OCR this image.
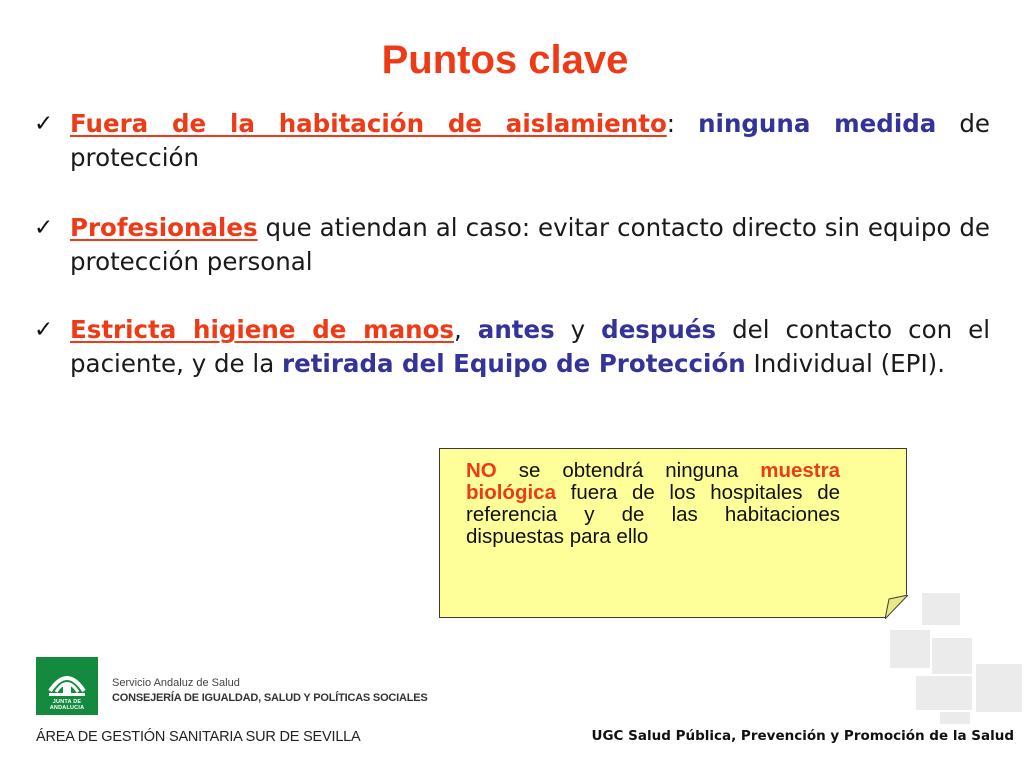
Puntos clave
✓ Fuera de la habitación de aislamiento: ninguna medida de protección
✓ Profesionales que atiendan al caso: evitar contacto directo sin equipo de protección personal
✓ Estricta higiene de manos, antes y después del contacto con el paciente, y de la retirada del Equipo de Protección Individual (EPI).
NO se obtendrá ninguna muestra biológica fuera de los hospitales de referencia y de las habitaciones dispuestas para ello
JUNTA DE ANDALUCIA
Servicio Andaluz de Salud
CONSEJERÍA DE IGUALDAD, SALUD Y POLÍTICAS SOCIALES
ÁREA DE GESTIÓN SANITARIA SUR DE SEVILLA	UGC Salud Pública, Prevención y Promoción de la Salud
